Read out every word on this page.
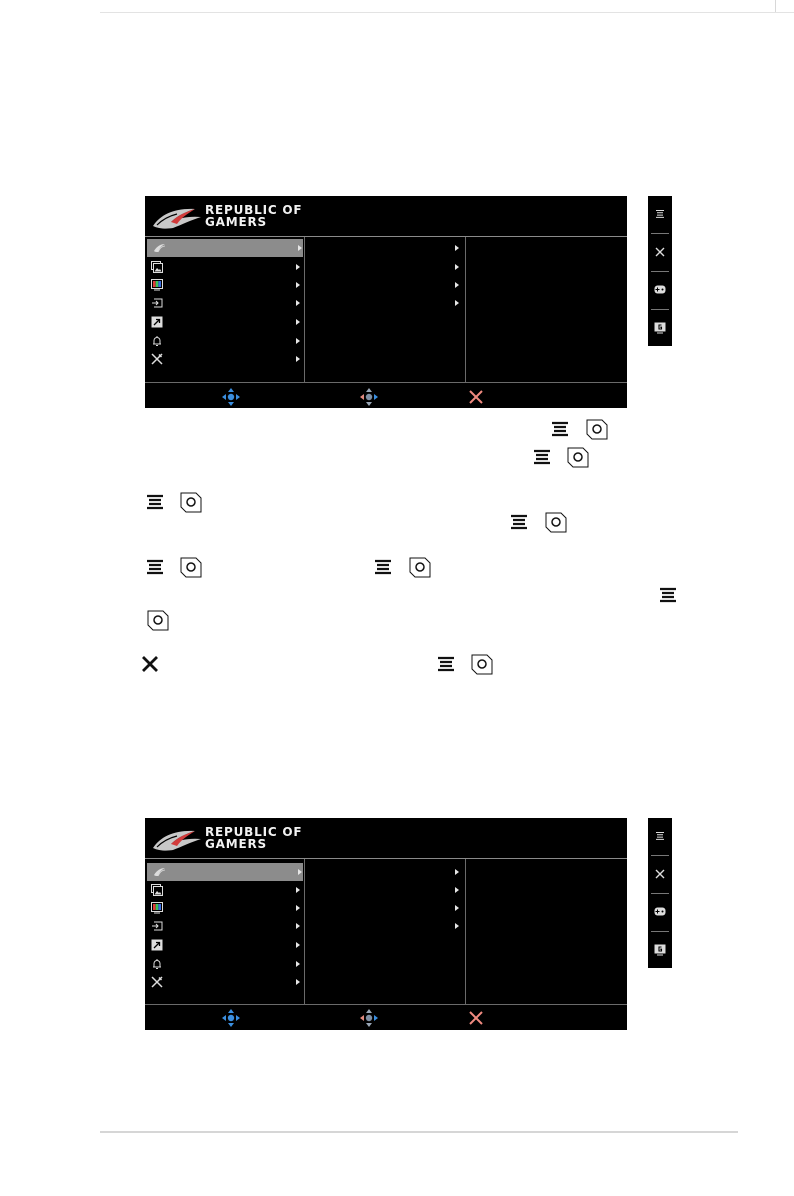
REPUBLIC OF
GAMERS
REPUBLIC OF
GAMERS
